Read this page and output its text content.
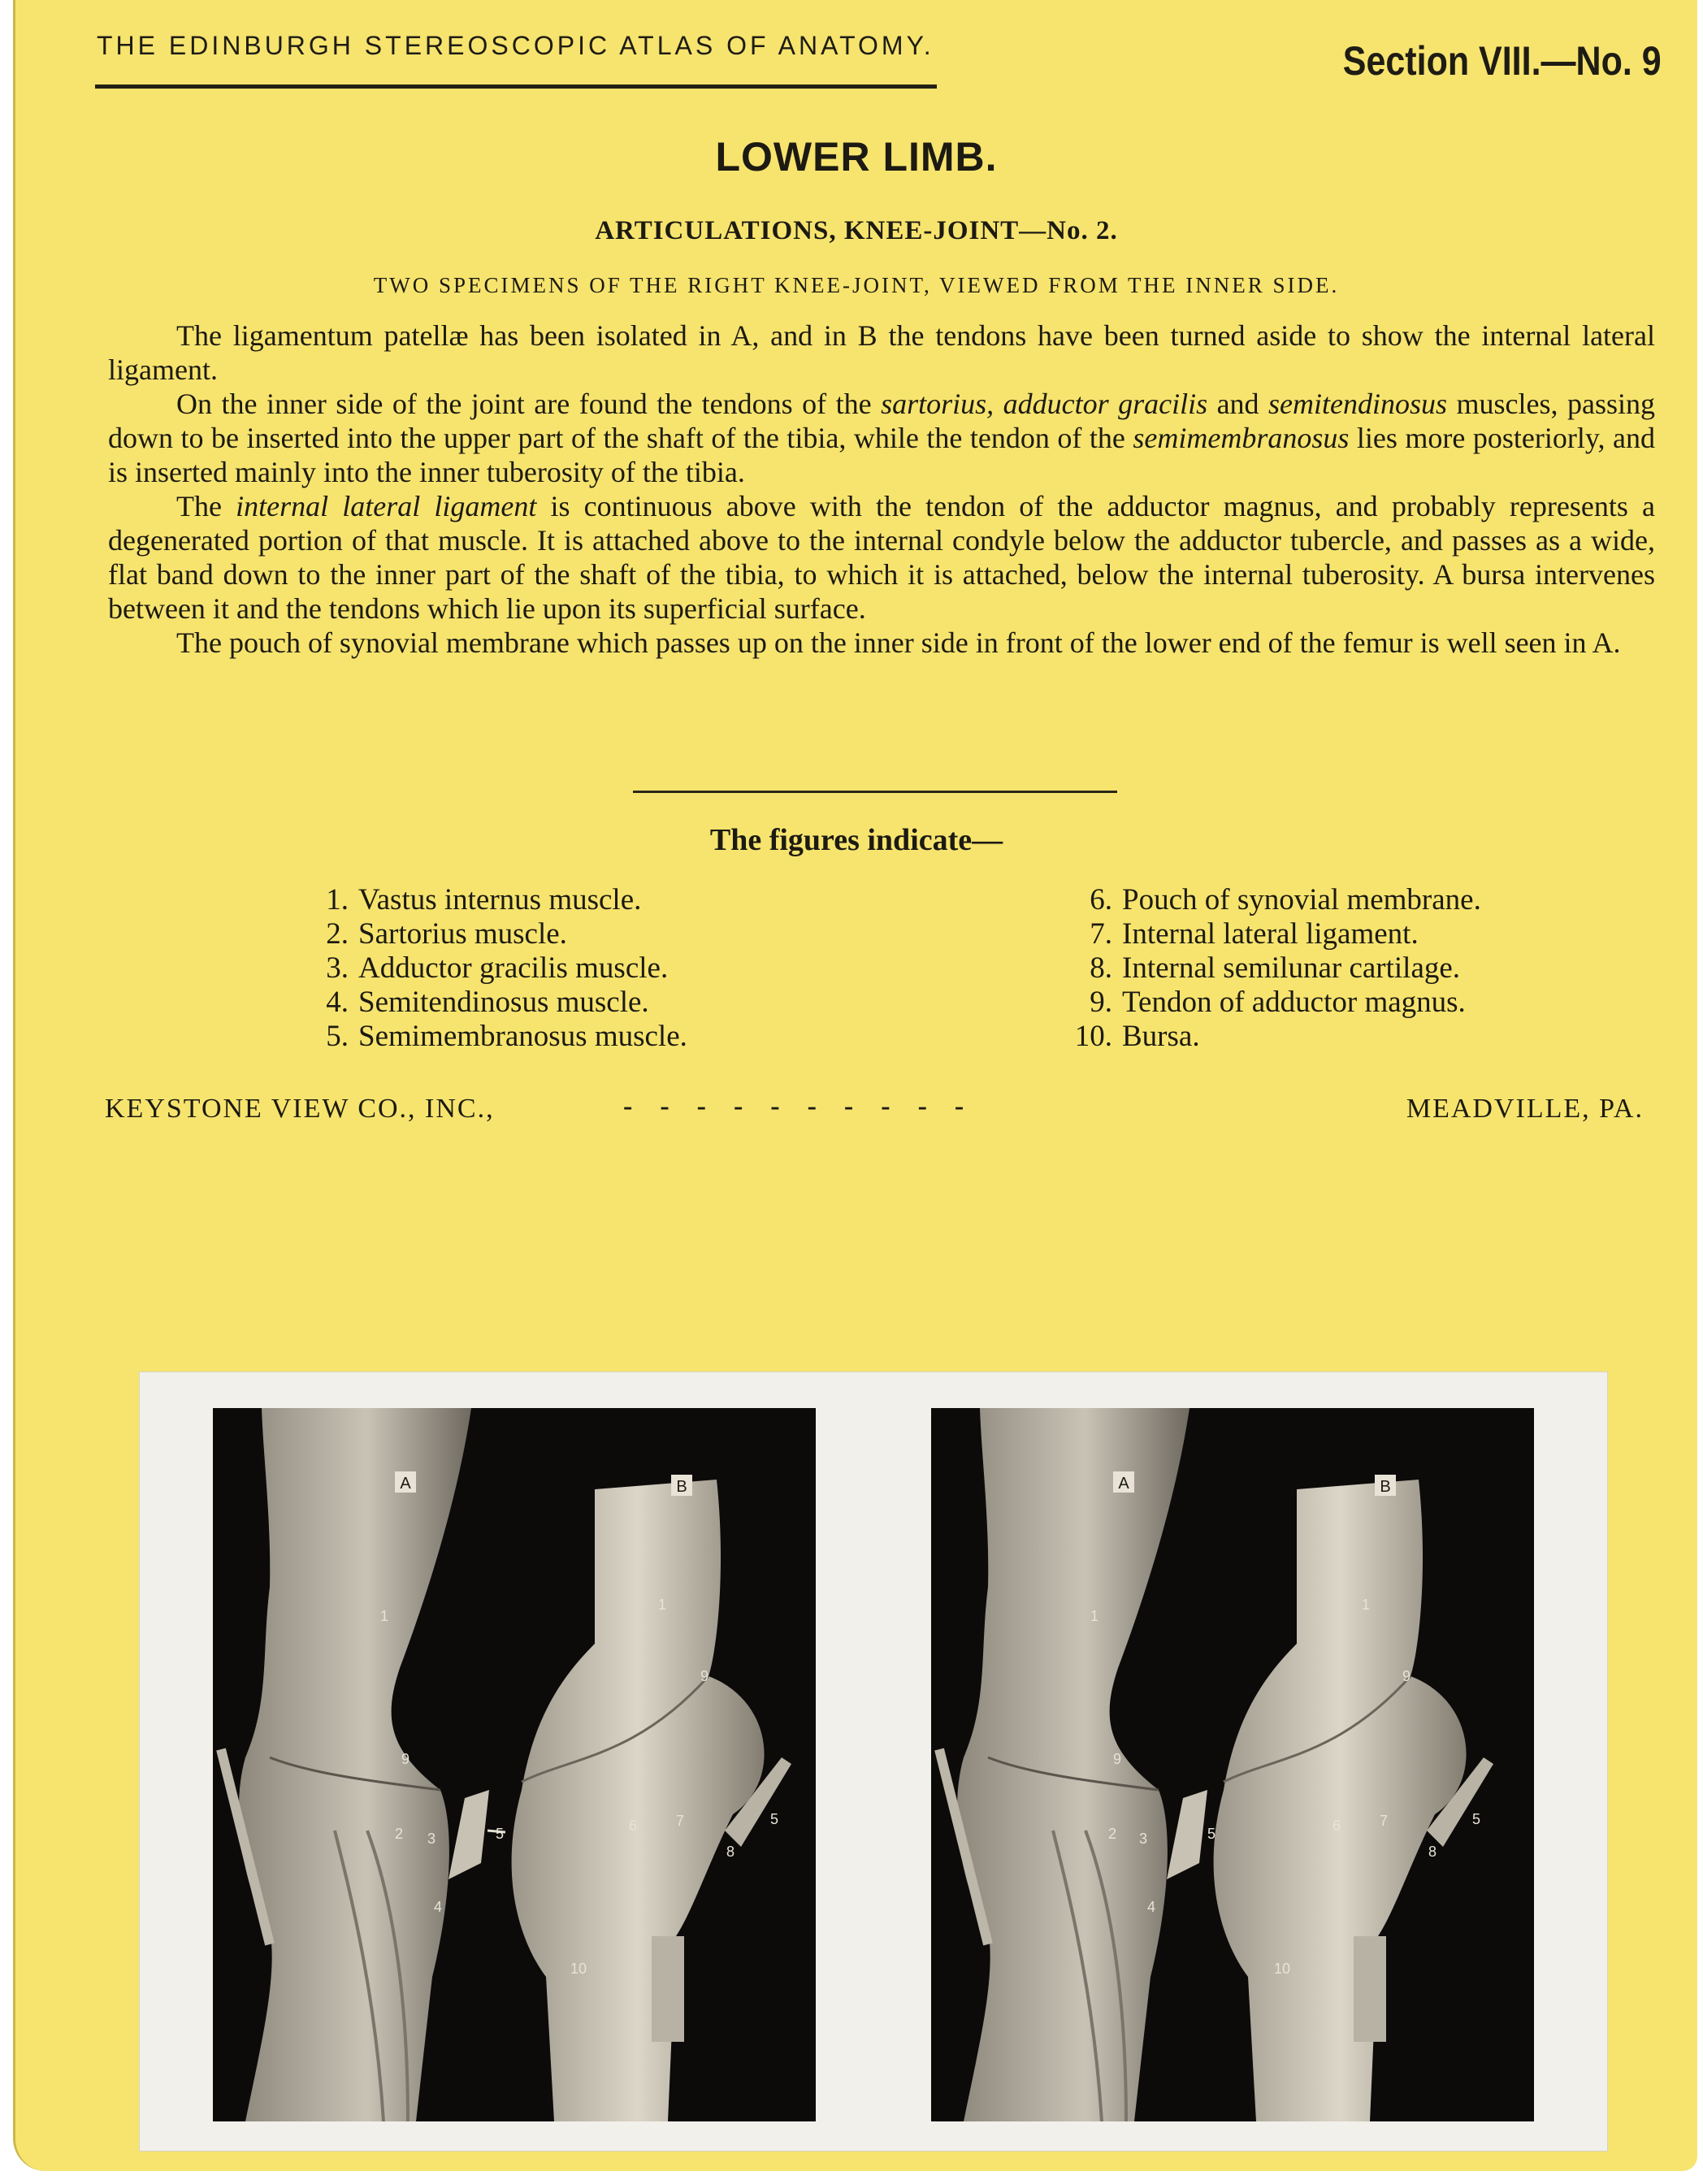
THE EDINBURGH STEREOSCOPIC ATLAS OF ANATOMY.	Section VIII.—No. 9
LOWER LIMB.
ARTICULATIONS, KNEE-JOINT—No. 2.
TWO SPECIMENS OF THE RIGHT KNEE-JOINT, VIEWED FROM THE INNER SIDE.

The ligamentum patellæ has been isolated in A, and in B the tendons have been turned aside to show the internal lateral ligament.

On the inner side of the joint are found the tendons of the sartorius, adductor gracilis and semitendinosus muscles, passing down to be inserted into the upper part of the shaft of the tibia, while the tendon of the semimembranosus lies more posteriorly, and is inserted mainly into the inner tuberosity of the tibia.

The internal lateral ligament is continuous above with the tendon of the adductor magnus, and probably represents a degenerated portion of that muscle. It is attached above to the internal condyle below the adductor tubercle, and passes as a wide, flat band down to the inner part of the shaft of the tibia, to which it is attached, below the internal tuberosity. A bursa intervenes between it and the tendons which lie upon its superficial surface.

The pouch of synovial membrane which passes up on the inner side in front of the lower end of the femur is well seen in A.

The figures indicate—
1. Vastus internus muscle.
2. Sartorius muscle.
3. Adductor gracilis muscle.
4. Semitendinosus muscle.
5. Semimembranosus muscle.
6. Pouch of synovial membrane.
7. Internal lateral ligament.
8. Internal semilunar cartilage.
9. Tendon of adductor magnus.
10. Bursa.
KEYSTONE VIEW CO., INC.,	-    -    -    -    -    -    -    -    -    -	MEADVILLE, PA.
A	B
1
1
2 3
4
5
5
6	7
8
9
9
10
A	B
1
1
2 3
4
5
5
6	7
8
9
9
10
